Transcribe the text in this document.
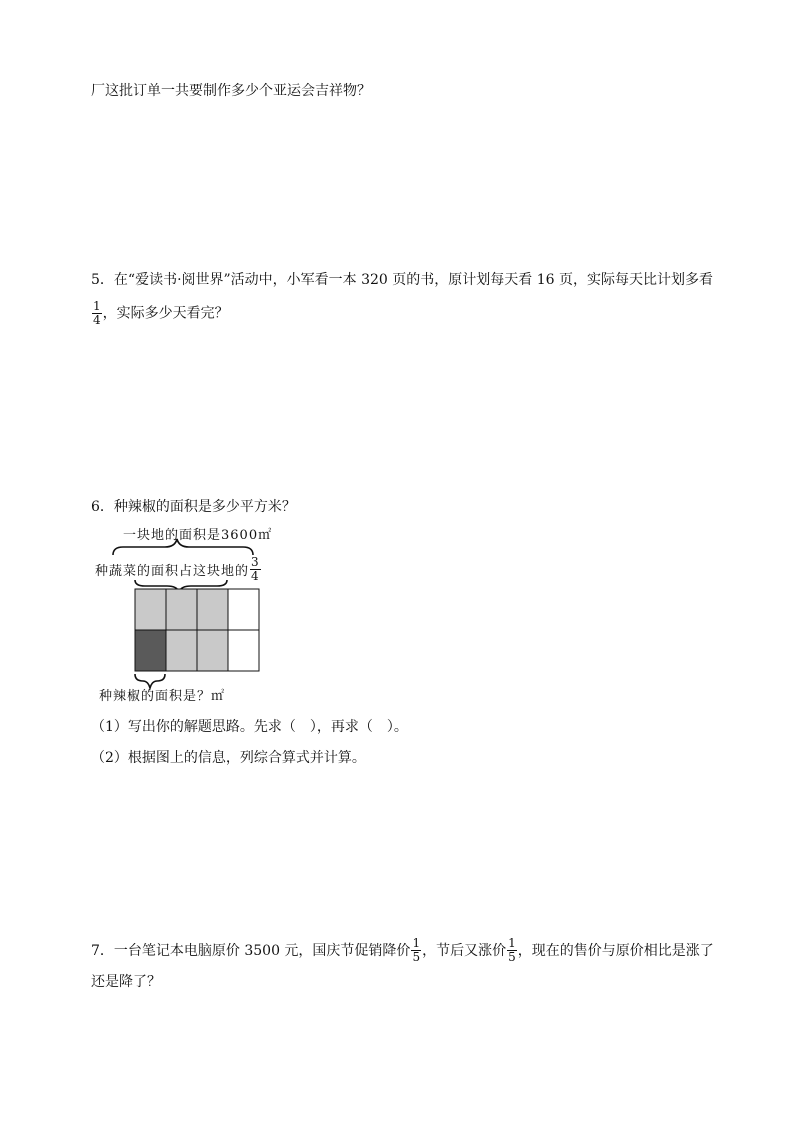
厂这批订单一共要制作多少个亚运会吉祥物？
5．在“爱读书·阅世界”活动中，小军看一本 320 页的书，原计划每天看 16 页，实际每天比计划多看
$\frac{1}{4}$ ，实际多少天看完？
6．种辣椒的面积是多少平方米？
一块地的面积是3600㎡
种蔬菜的面积占这块地的 $\frac{3}{4}$
种辣椒的面积是？㎡
（1）写出你的解题思路。先求（　），再求（　）。
（2）根据图上的信息，列综合算式并计算。
7．一台笔记本电脑原价 3500 元，国庆节促销降价 $\frac{1}{5}$ ，节后又涨价 $\frac{1}{5}$ ，现在的售价与原价相比是涨了
还是降了？
